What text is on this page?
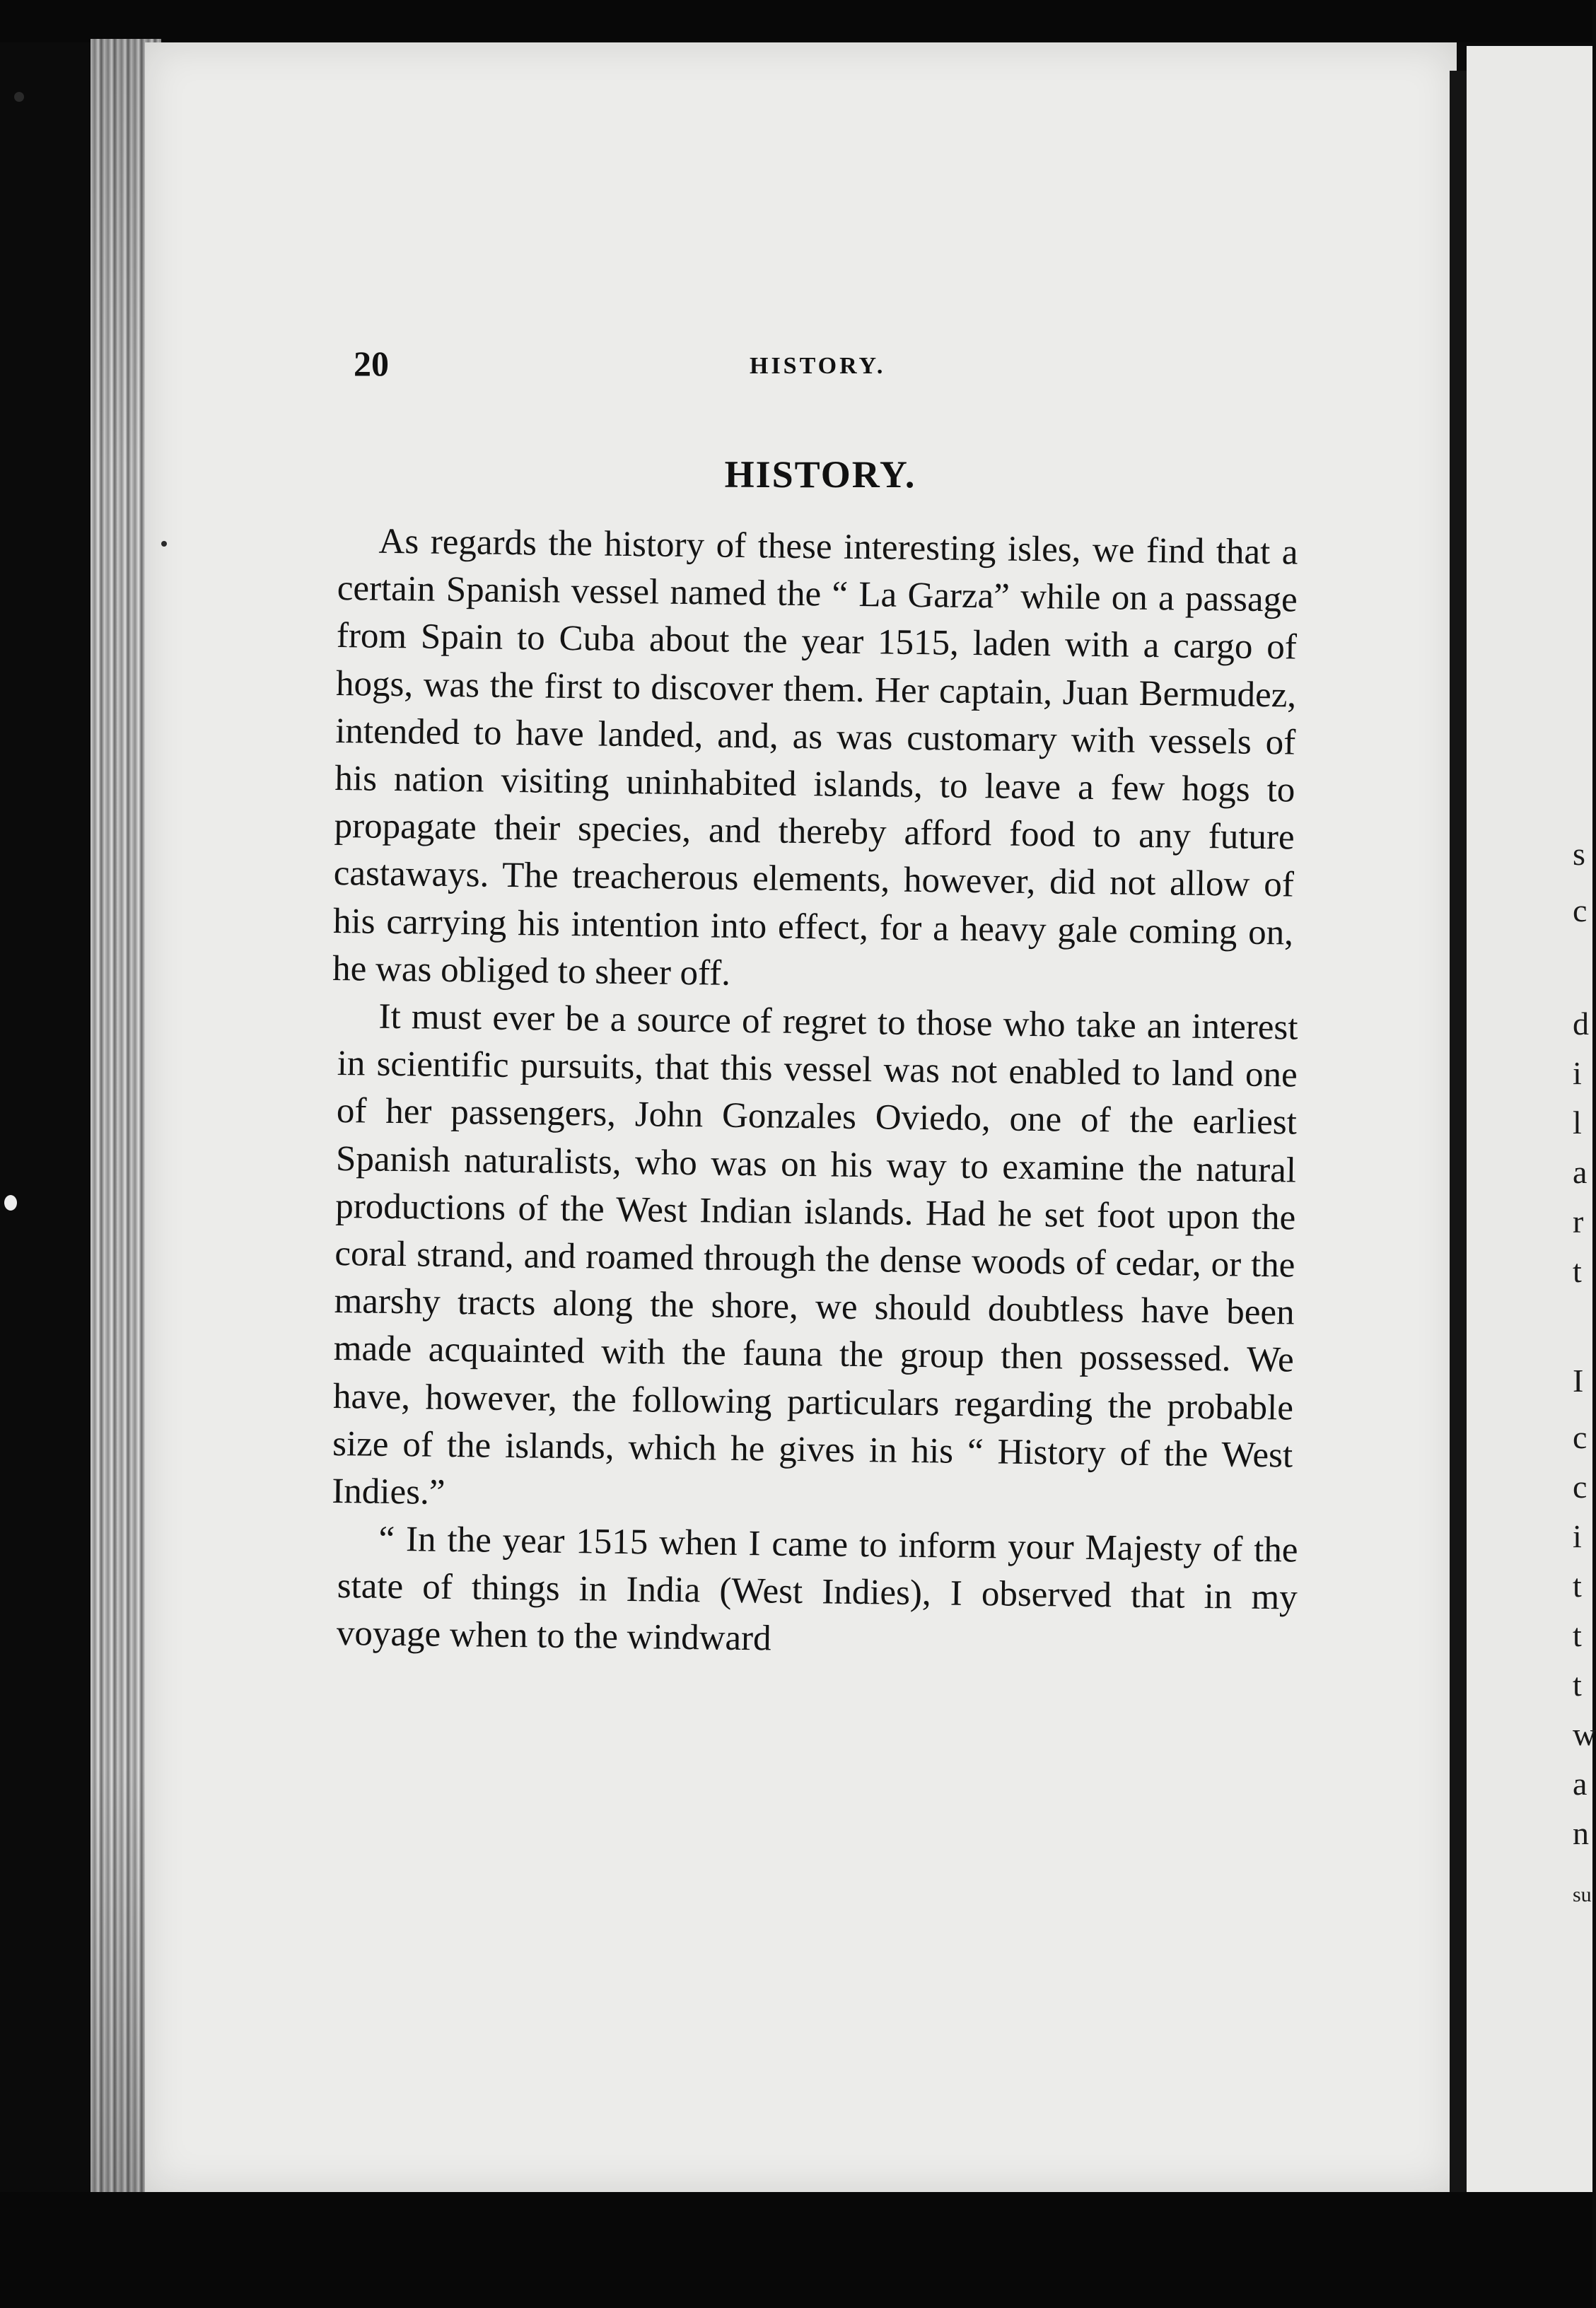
20	HISTORY.
HISTORY.

As regards the history of these interesting isles, we find that a certain Spanish vessel named the “ La Garza” while on a passage from Spain to Cuba about the year 1515, laden with a cargo of hogs, was the first to discover them. Her captain, Juan Bermudez, intended to have landed, and, as was customary with vessels of his nation visiting uninhabited islands, to leave a few hogs to propagate their species, and thereby afford food to any future castaways. The treacherous elements, however, did not allow of his carrying his intention into effect, for a heavy gale coming on, he was obliged to sheer off.

It must ever be a source of regret to those who take an interest in scientific pursuits, that this vessel was not enabled to land one of her passengers, John Gonzales Oviedo, one of the earliest Spanish naturalists, who was on his way to examine the natural productions of the West Indian islands. Had he set foot upon the coral strand, and roamed through the dense woods of cedar, or the marshy tracts along the shore, we should doubtless have been made acquainted with the fauna the group then possessed. We have, however, the following particulars regarding the probable size of the islands, which he gives in his “ History of the West Indies.”

“ In the year 1515 when I came to inform your Majesty of the state of things in India (West Indies), I observed that in my voyage when to the windward

s
c
d
i
l
a
r
t
I
c
c
i
t
t
t
w
a
n
su
